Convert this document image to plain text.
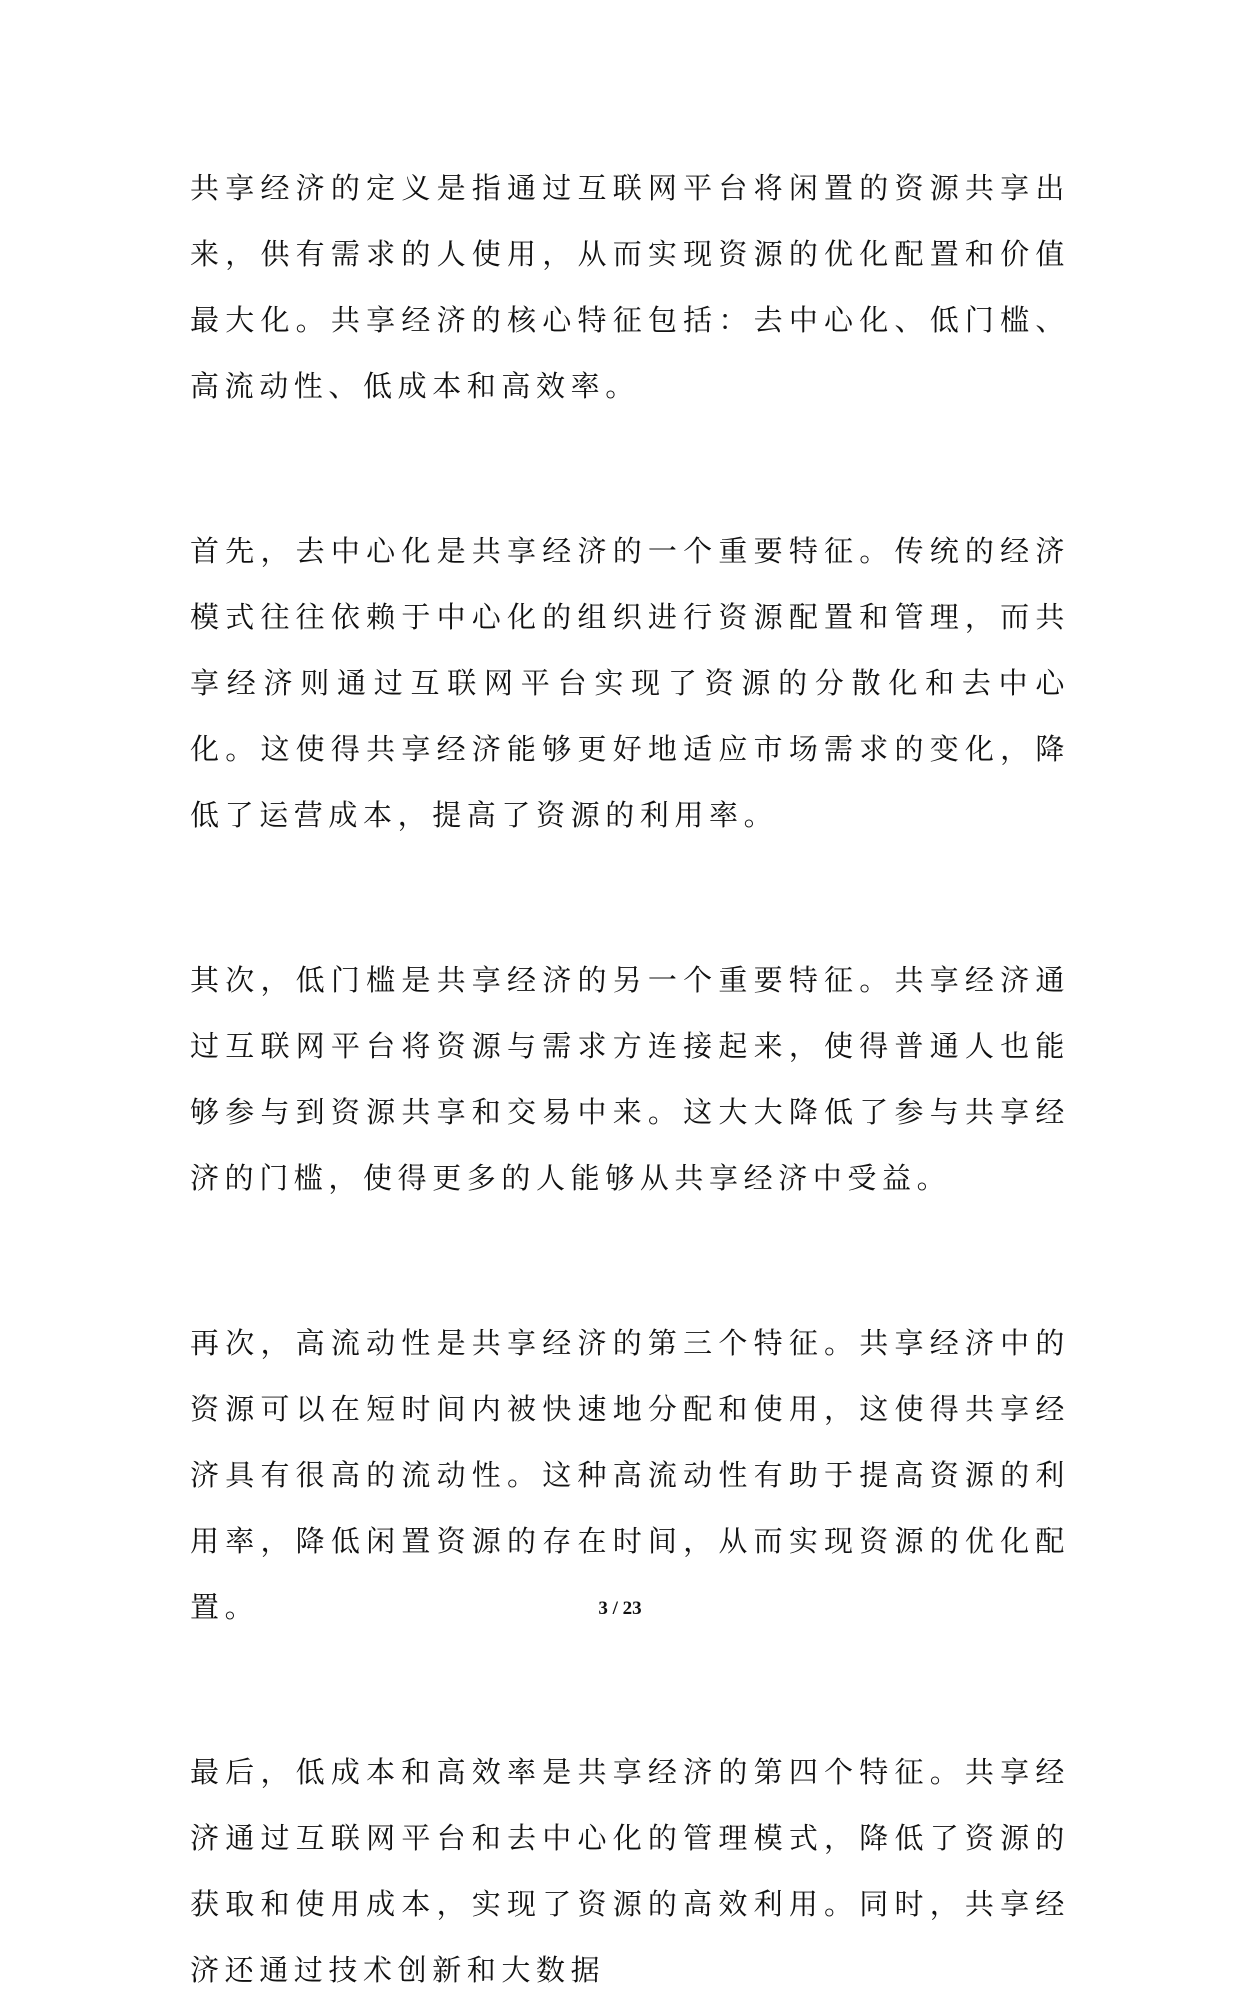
共享经济的定义是指通过互联网平台将闲置的资源共享出来，供有需求的人使用，从而实现资源的优化配置和价值最大化。共享经济的核心特征包括：去中心化、低门槛、高流动性、低成本和高效率。

首先，去中心化是共享经济的一个重要特征。传统的经济模式往往依赖于中心化的组织进行资源配置和管理，而共享经济则通过互联网平台实现了资源的分散化和去中心化。这使得共享经济能够更好地适应市场需求的变化，降低了运营成本，提高了资源的利用率。

其次，低门槛是共享经济的另一个重要特征。共享经济通过互联网平台将资源与需求方连接起来，使得普通人也能够参与到资源共享和交易中来。这大大降低了参与共享经济的门槛，使得更多的人能够从共享经济中受益。

再次，高流动性是共享经济的第三个特征。共享经济中的资源可以在短时间内被快速地分配和使用，这使得共享经济具有很高的流动性。这种高流动性有助于提高资源的利用率，降低闲置资源的存在时间，从而实现资源的优化配置。

最后，低成本和高效率是共享经济的第四个特征。共享经济通过互联网平台和去中心化的管理模式，降低了资源的获取和使用成本，实现了资源的高效利用。同时，共享经济还通过技术创新和大数据

3 / 23
